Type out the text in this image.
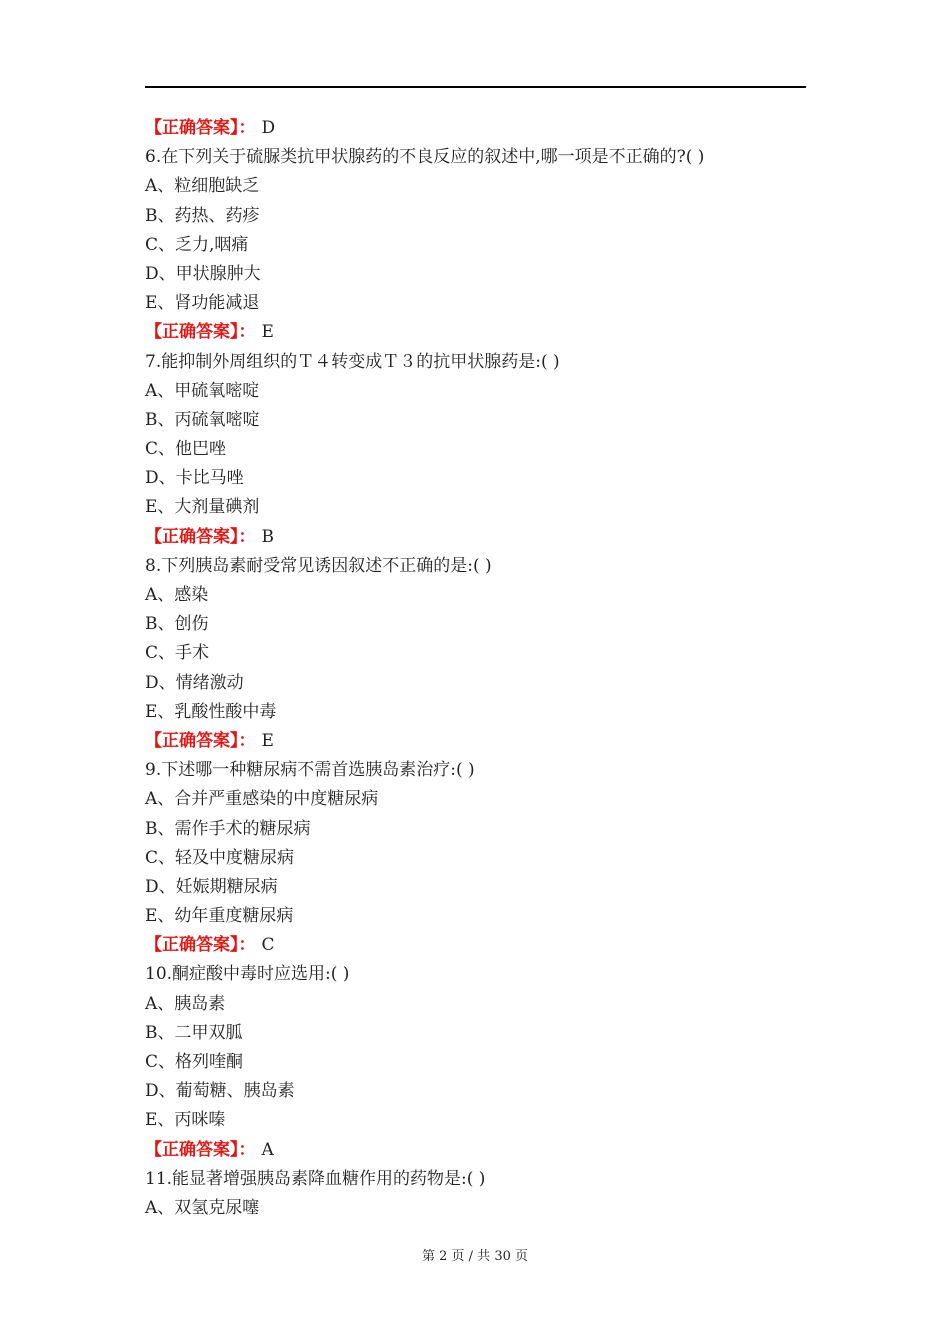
【正确答案】： D
6.在下列关于硫脲类抗甲状腺药的不良反应的叙述中,哪一项是不正确的?( )
A、粒细胞缺乏
B、药热、药疹
C、乏力,咽痛
D、甲状腺肿大
E、肾功能减退
【正确答案】： E
7.能抑制外周组织的Ｔ４转变成Ｔ３的抗甲状腺药是:( )
A、甲硫氧嘧啶
B、丙硫氧嘧啶
C、他巴唑
D、卡比马唑
E、大剂量碘剂
【正确答案】： B
8.下列胰岛素耐受常见诱因叙述不正确的是:( )
A、感染
B、创伤
C、手术
D、情绪激动
E、乳酸性酸中毒
【正确答案】： E
9.下述哪一种糖尿病不需首选胰岛素治疗:( )
A、合并严重感染的中度糖尿病
B、需作手术的糖尿病
C、轻及中度糖尿病
D、妊娠期糖尿病
E、幼年重度糖尿病
【正确答案】： C
10.酮症酸中毒时应选用:( )
A、胰岛素
B、二甲双胍
C、格列喹酮
D、葡萄糖、胰岛素
E、丙咪嗪
【正确答案】： A
11.能显著增强胰岛素降血糖作用的药物是:( )
A、双氢克尿噻
第 2 页 / 共 30 页
